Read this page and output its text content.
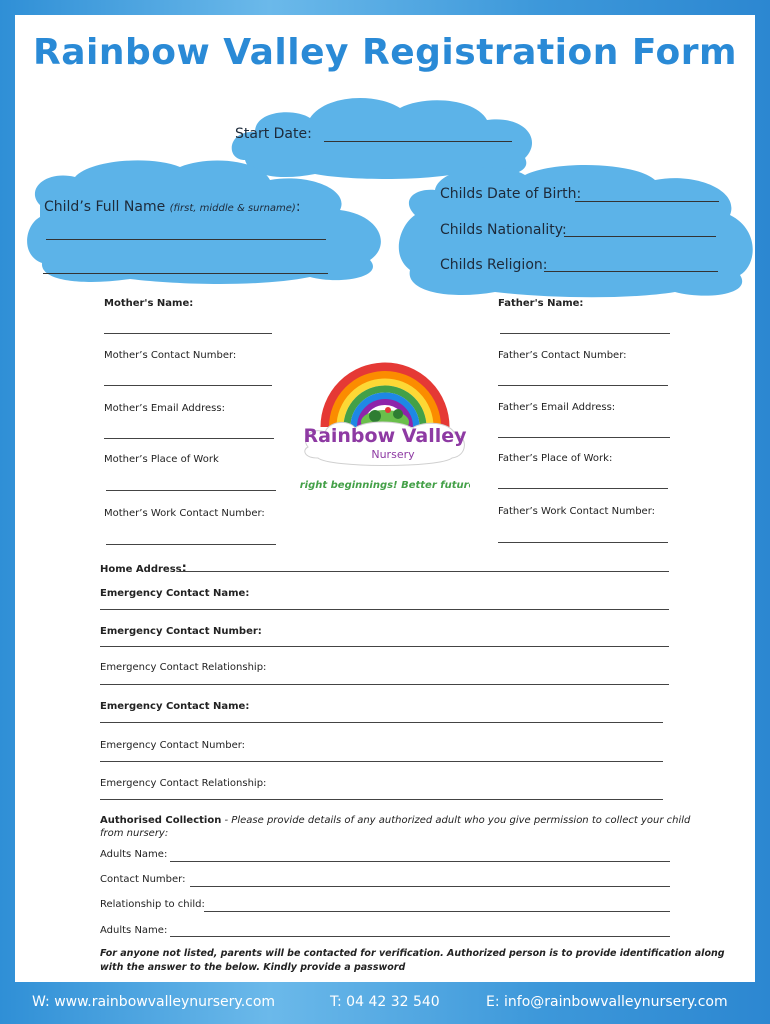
Rainbow Valley Registration Form
Start Date:
Child’s Full Name (first, middle & surname):
Childs Date of Birth:
Childs Nationality:
Childs Religion:
Mother's Name:
Mother’s Contact Number:
Mother’s Email Address:
Mother’s Place of Work
Mother’s Work Contact Number:
Father's Name:
Father’s Contact Number:
Father’s Email Address:
Father’s Place of Work:
Father’s Work Contact Number:
Rainbow Valley
Nursery
Bright beginnings! Better future!
Home Address:
Emergency Contact Name:
Emergency Contact Number:
Emergency Contact Relationship:
Emergency Contact Name:
Emergency Contact Number:
Emergency Contact Relationship:
Authorised Collection - Please provide details of any authorized adult who you give permission to collect your child
from nursery:
Adults Name:
Contact Number:
Relationship to child:
Adults Name:
For anyone not listed, parents will be contacted for verification. Authorized person is to provide identification along
with the answer to the below. Kindly provide a password
W: www.rainbowvalleynursery.com	T: 04 42 32 540	E: info@rainbowvalleynursery.com
